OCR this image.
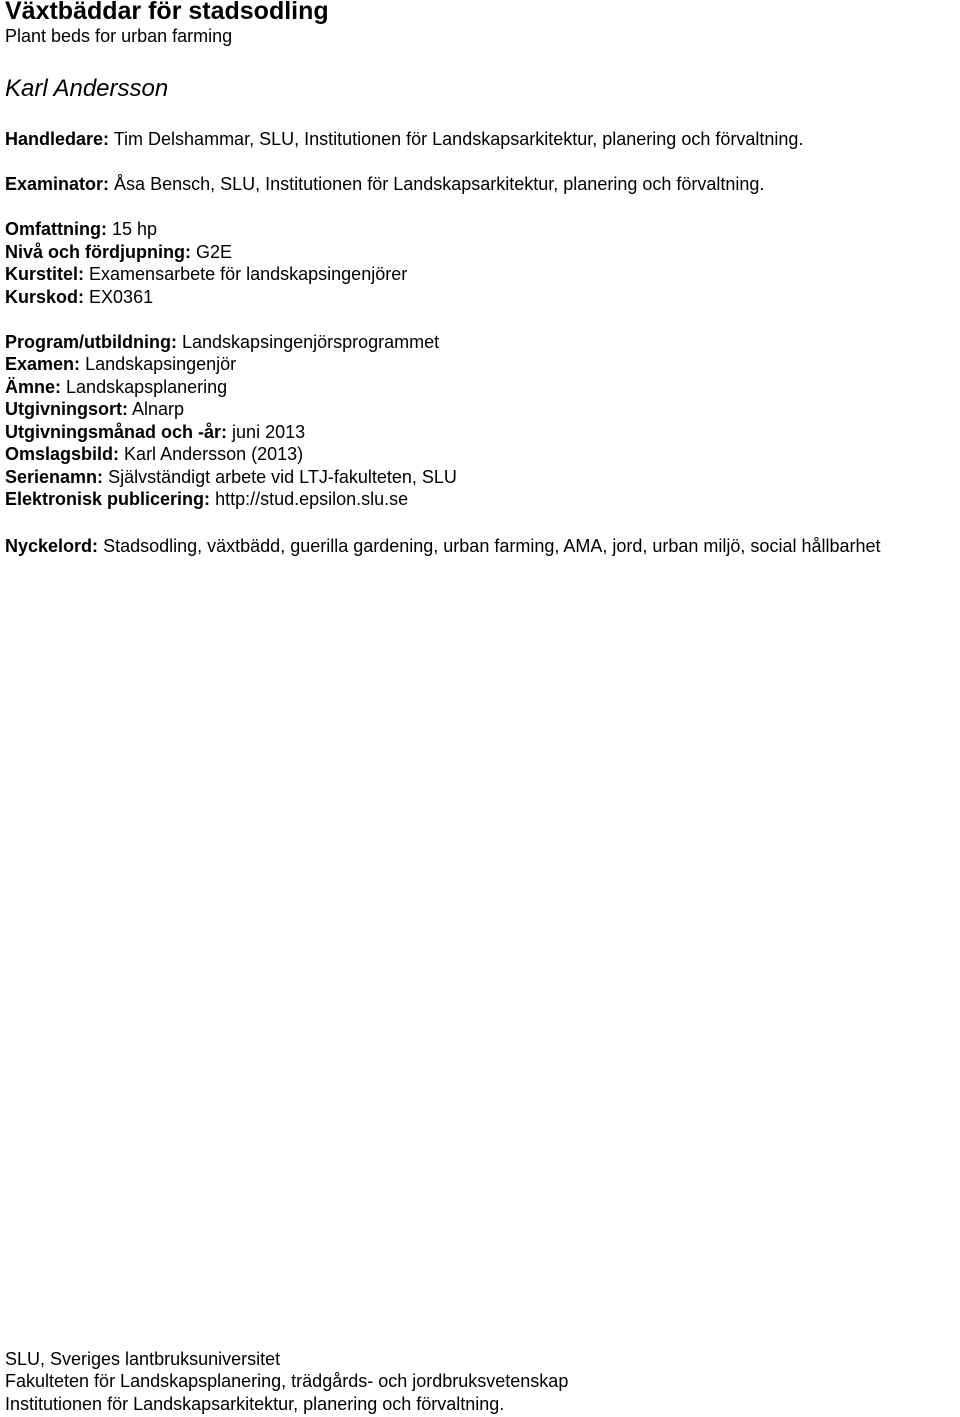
Växtbäddar för stadsodling
Plant beds for urban farming
Karl Andersson
Handledare: Tim Delshammar, SLU, Institutionen för Landskapsarkitektur, planering och förvaltning.
Examinator: Åsa Bensch, SLU, Institutionen för Landskapsarkitektur, planering och förvaltning.
Omfattning: 15 hp
Nivå och fördjupning: G2E
Kurstitel: Examensarbete för landskapsingenjörer
Kurskod: EX0361
Program/utbildning: Landskapsingenjörsprogrammet
Examen: Landskapsingenjör
Ämne: Landskapsplanering
Utgivningsort: Alnarp
Utgivningsmånad och -år: juni 2013
Omslagsbild: Karl Andersson (2013)
Serienamn: Självständigt arbete vid LTJ-fakulteten, SLU
Elektronisk publicering: http://stud.epsilon.slu.se
Nyckelord: Stadsodling, växtbädd, guerilla gardening, urban farming, AMA, jord, urban miljö, social hållbarhet
SLU, Sveriges lantbruksuniversitet
Fakulteten för Landskapsplanering, trädgårds- och jordbruksvetenskap
Institutionen för Landskapsarkitektur, planering och förvaltning.
